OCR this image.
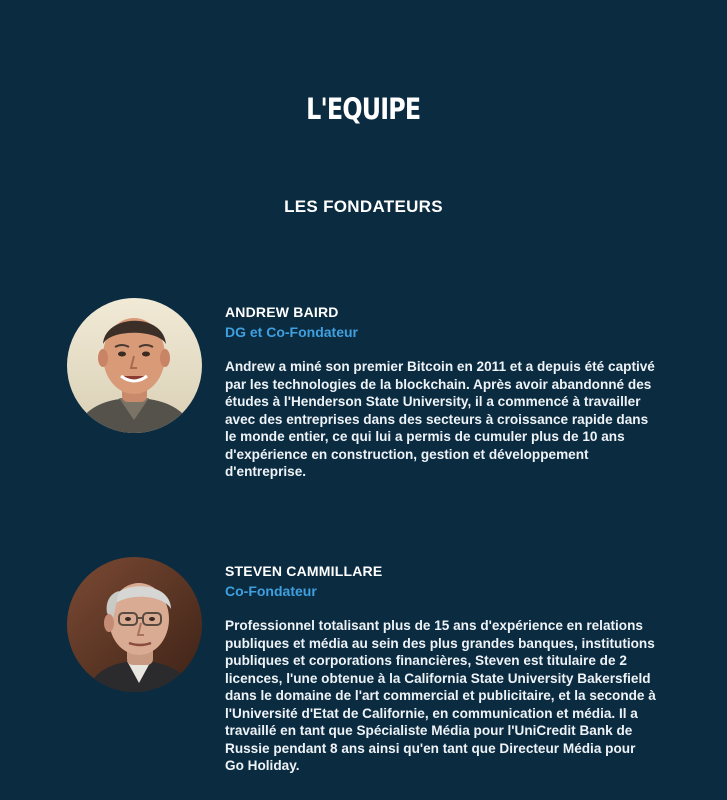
L'EQUIPE
LES FONDATEURS
ANDREW BAIRD
DG et Co-Fondateur

Andrew a miné son premier Bitcoin en 2011 et a depuis été captivé par les technologies de la blockchain. Après avoir abandonné des études à l'Henderson State University, il a commencé à travailler avec des entreprises dans des secteurs à croissance rapide dans le monde entier, ce qui lui a permis de cumuler plus de 10 ans d'expérience en construction, gestion et développement d'entreprise.

STEVEN CAMMILLARE
Co-Fondateur

Professionnel totalisant plus de 15 ans d'expérience en relations publiques et média au sein des plus grandes banques, institutions publiques et corporations financières, Steven est titulaire de 2 licences, l'une obtenue à la California State University Bakersfield dans le domaine de l'art commercial et publicitaire, et la seconde à l'Université d'Etat de Californie, en communication et média. Il a travaillé en tant que Spécialiste Média pour l'UniCredit Bank de Russie pendant 8 ans ainsi qu'en tant que Directeur Média pour Go Holiday.
